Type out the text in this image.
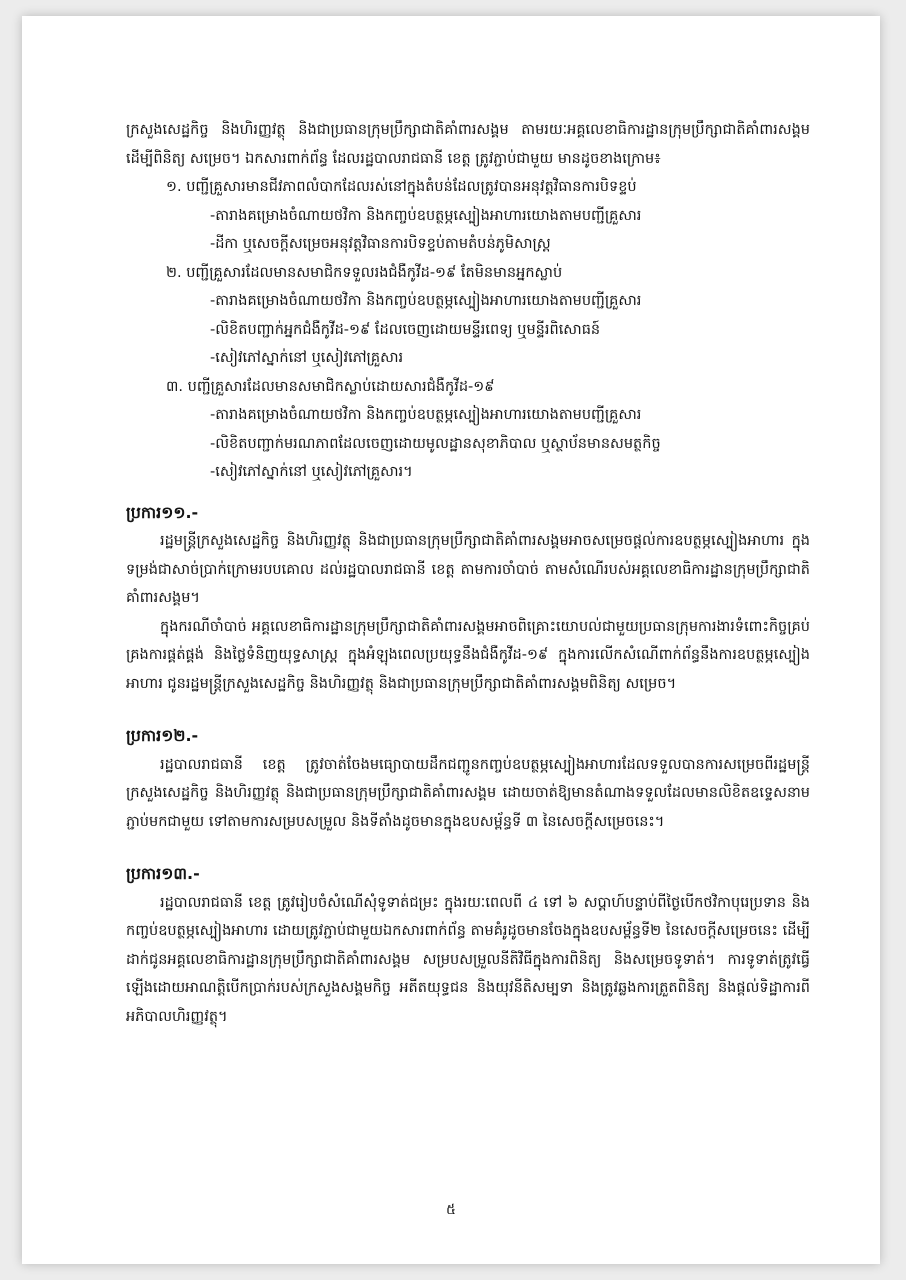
ក្រសួងសេដ្ឋកិច្ច និងហិរញ្ញវត្ថុ និងជាប្រធានក្រុមប្រឹក្សាជាតិគាំពារសង្គម តាមរយៈអគ្គលេខាធិការដ្ឋានក្រុមប្រឹក្សាជាតិគាំពារសង្គម ដើម្បីពិនិត្យ សម្រេច។ ឯកសារពាក់ព័ន្ធ ដែលរដ្ឋបាលរាជធានី ខេត្ត ត្រូវភ្ជាប់ជាមួយ មានដូចខាងក្រោម៖

១. បញ្ជីគ្រួសារមានជីវភាពលំបាកដែលរស់នៅក្នុងតំបន់ដែលត្រូវបានអនុវត្តវិធានការបិទខ្ទប់

-តារាងគម្រោងចំណាយថវិកា និងកញ្ចប់ឧបត្ថម្ភស្បៀងអាហារយោងតាមបញ្ជីគ្រួសារ

-ដីកា ឬសេចក្តីសម្រេចអនុវត្តវិធានការបិទខ្ទប់តាមតំបន់ភូមិសាស្ត្រ

២. បញ្ជីគ្រួសារដែលមានសមាជិកទទួលរងជំងឺកូវីដ-១៩ តែមិនមានអ្នកស្លាប់

-តារាងគម្រោងចំណាយថវិកា និងកញ្ចប់ឧបត្ថម្ភស្បៀងអាហារយោងតាមបញ្ជីគ្រួសារ

-លិខិតបញ្ជាក់អ្នកជំងឺកូវីដ-១៩ ដែលចេញដោយមន្ទីរពេទ្យ ឬមន្ទីរពិសោធន៍

-សៀវភៅស្នាក់នៅ ឬសៀវភៅគ្រួសារ

៣. បញ្ជីគ្រួសារដែលមានសមាជិកស្លាប់ដោយសារជំងឺកូវីដ-១៩

-តារាងគម្រោងចំណាយថវិកា និងកញ្ចប់ឧបត្ថម្ភស្បៀងអាហារយោងតាមបញ្ជីគ្រួសារ

-លិខិតបញ្ជាក់មរណភាពដែលចេញដោយមូលដ្ឋានសុខាភិបាល ឬស្ថាប័នមានសមត្ថកិច្ច

-សៀវភៅស្នាក់នៅ ឬសៀវភៅគ្រួសារ។

ប្រការ១១.-

រដ្ឋមន្ត្រីក្រសួងសេដ្ឋកិច្ច និងហិរញ្ញវត្ថុ និងជាប្រធានក្រុមប្រឹក្សាជាតិគាំពារសង្គមអាចសម្រេចផ្តល់ការឧបត្ថម្ភស្បៀងអាហារ ក្នុងទម្រង់ជាសាច់ប្រាក់ក្រោមរបបគោល ដល់រដ្ឋបាលរាជធានី ខេត្ត តាមការចាំបាច់ តាមសំណើរបស់អគ្គលេខាធិការដ្ឋានក្រុមប្រឹក្សាជាតិគាំពារសង្គម។

ក្នុងករណីចាំបាច់ អគ្គលេខាធិការដ្ឋានក្រុមប្រឹក្សាជាតិគាំពារសង្គមអាចពិគ្រោះយោបល់ជាមួយប្រធានក្រុមការងារទំពោះកិច្ចគ្រប់គ្រងការផ្គត់ផ្គង់ និងថ្លៃទំនិញយុទ្ធសាស្ត្រ ក្នុងអំឡុងពេលប្រយុទ្ធនឹងជំងឺកូវីដ-១៩ ក្នុងការលើកសំណើពាក់ព័ន្ធនឹងការឧបត្ថម្ភស្បៀងអាហារ ជូនរដ្ឋមន្ត្រីក្រសួងសេដ្ឋកិច្ច និងហិរញ្ញវត្ថុ និងជាប្រធានក្រុមប្រឹក្សាជាតិគាំពារសង្គមពិនិត្យ សម្រេច។

ប្រការ១២.-

រដ្ឋបាលរាជធានី ខេត្ត ត្រូវចាត់ចែងមធ្យោបាយដឹកជញ្ជូនកញ្ចប់ឧបត្ថម្ភស្បៀងអាហារដែលទទួលបានការសម្រេចពីរដ្ឋមន្ត្រីក្រសួងសេដ្ឋកិច្ច និងហិរញ្ញវត្ថុ និងជាប្រធានក្រុមប្រឹក្សាជាតិគាំពារសង្គម ដោយចាត់ឱ្យមានតំណាងទទួលដែលមានលិខិតឧទ្ទេសនាមភ្ជាប់មកជាមួយ ទៅតាមការសម្របសម្រួល និងទីតាំងដូចមានក្នុងឧបសម្ព័ន្ធទី ៣ នៃសេចក្តីសម្រេចនេះ។

ប្រការ១៣.-

រដ្ឋបាលរាជធានី ខេត្ត ត្រូវរៀបចំសំណើសុំទូទាត់ជម្រះ ក្នុងរយៈពេលពី ៤ ទៅ ៦ សប្តាហ៍បន្ទាប់ពីថ្ងៃបើកថវិកាបុរេប្រទាន និងកញ្ចប់ឧបត្ថម្ភស្បៀងអាហារ ដោយត្រូវភ្ជាប់ជាមួយឯកសារពាក់ព័ន្ធ តាមគំរូដូចមានចែងក្នុងឧបសម្ព័ន្ធទី២ នៃសេចក្តីសម្រេចនេះ ដើម្បីដាក់ជូនអគ្គលេខាធិការដ្ឋានក្រុមប្រឹក្សាជាតិគាំពារសង្គម សម្របសម្រួលនីតិវិធីក្នុងការពិនិត្យ និងសម្រេចទូទាត់។ ការទូទាត់ត្រូវធ្វើឡើងដោយអាណត្តិបើកប្រាក់របស់ក្រសួងសង្គមកិច្ច អតីតយុទ្ធជន និងយុវនីតិសម្បទា និងត្រូវឆ្លងការត្រួតពិនិត្យ និងផ្តល់ទិដ្ឋាការពីអភិបាលហិរញ្ញវត្ថុ។

៥
